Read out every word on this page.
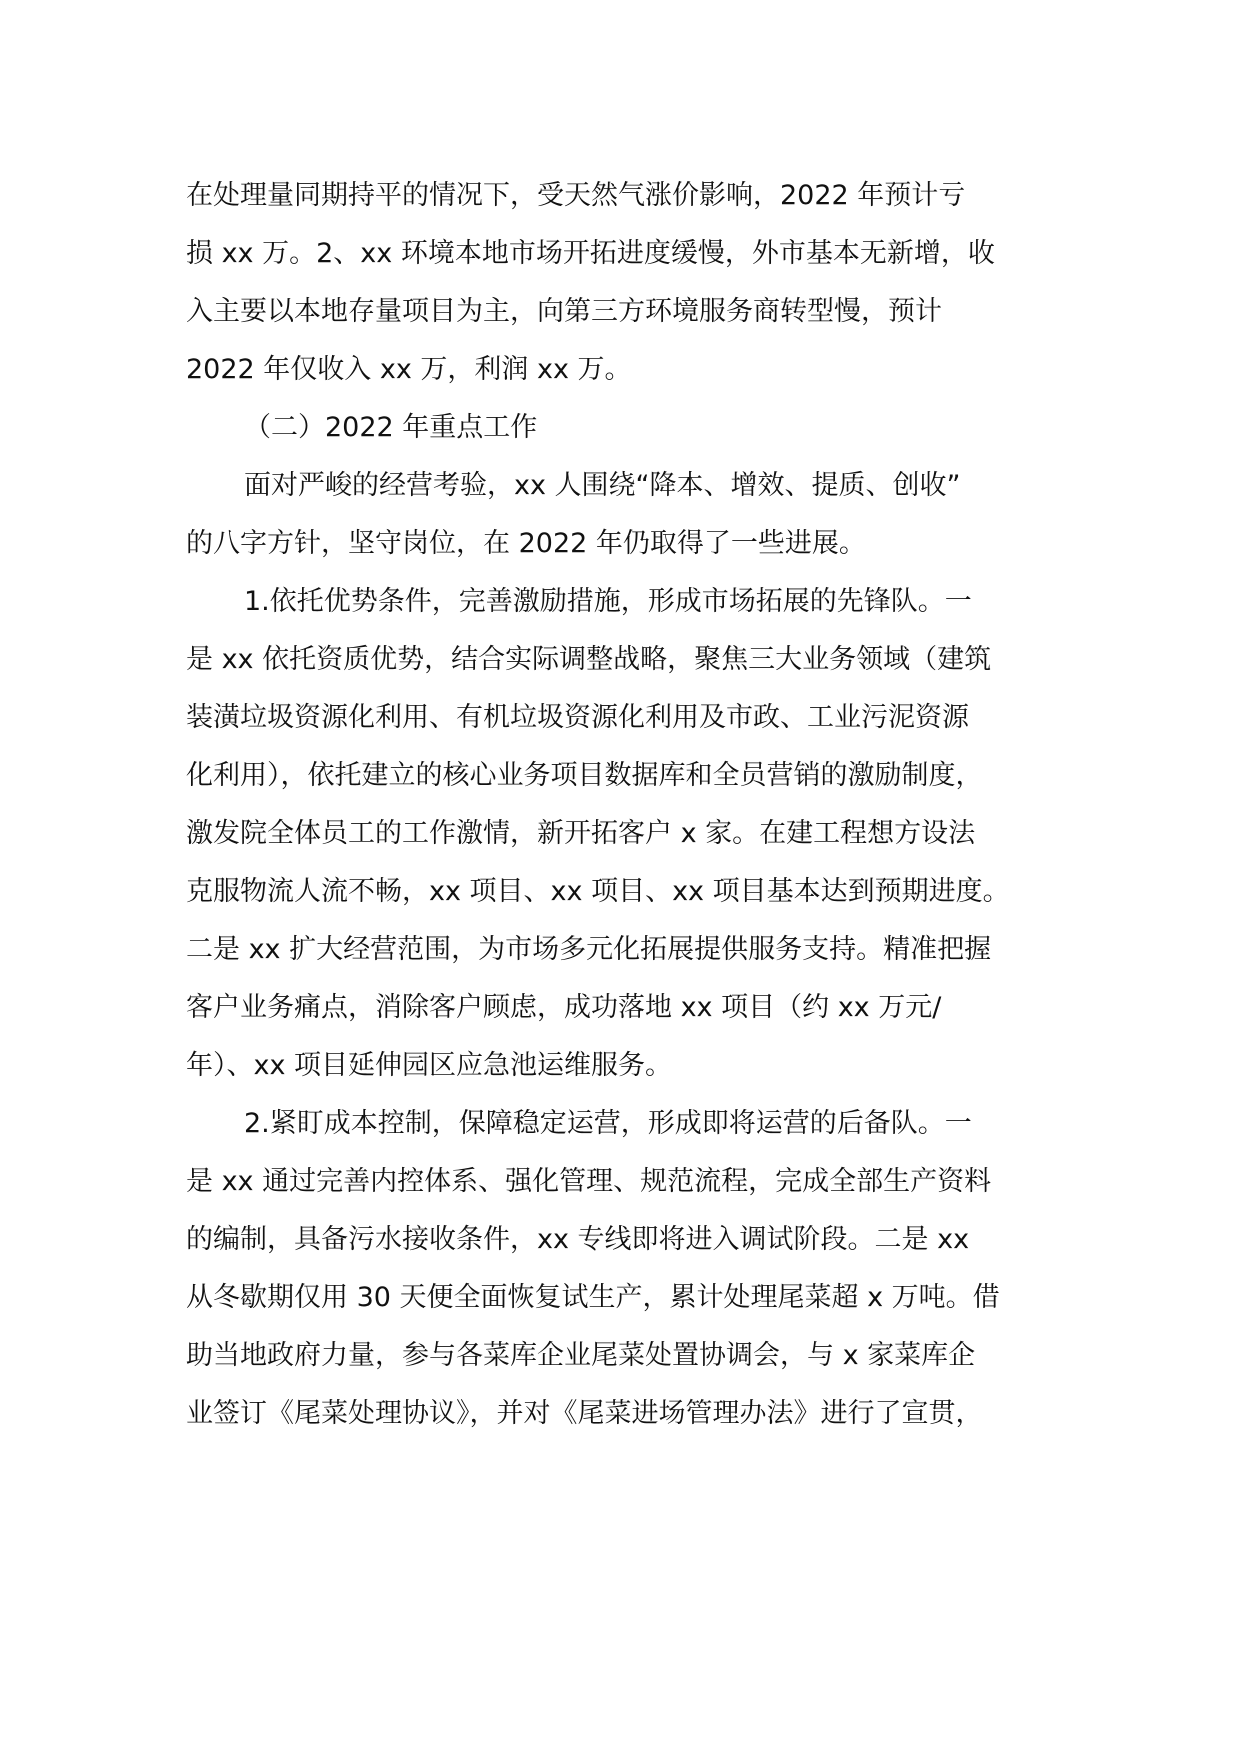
在处理量同期持平的情况下，受天然气涨价影响，2022 年预计亏
损 xx 万。2、xx 环境本地市场开拓进度缓慢，外市基本无新增，收
入主要以本地存量项目为主，向第三方环境服务商转型慢，预计
2022 年仅收入 xx 万，利润 xx 万。
（二）2022 年重点工作
面对严峻的经营考验，xx 人围绕“降本、增效、提质、创收”
的八字方针，坚守岗位，在 2022 年仍取得了一些进展。
1.依托优势条件，完善激励措施，形成市场拓展的先锋队。一
是 xx 依托资质优势，结合实际调整战略，聚焦三大业务领域（建筑
装潢垃圾资源化利用、有机垃圾资源化利用及市政、工业污泥资源
化利用），依托建立的核心业务项目数据库和全员营销的激励制度，
激发院全体员工的工作激情，新开拓客户 x 家。在建工程想方设法
克服物流人流不畅，xx 项目、xx 项目、xx 项目基本达到预期进度。
二是 xx 扩大经营范围，为市场多元化拓展提供服务支持。精准把握
客户业务痛点，消除客户顾虑，成功落地 xx 项目（约 xx 万元/
年）、xx 项目延伸园区应急池运维服务。
2.紧盯成本控制，保障稳定运营，形成即将运营的后备队。一
是 xx 通过完善内控体系、强化管理、规范流程，完成全部生产资料
的编制，具备污水接收条件，xx 专线即将进入调试阶段。二是 xx
从冬歇期仅用 30 天便全面恢复试生产，累计处理尾菜超 x 万吨。借
助当地政府力量，参与各菜库企业尾菜处置协调会，与 x 家菜库企
业签订《尾菜处理协议》，并对《尾菜进场管理办法》进行了宣贯，
